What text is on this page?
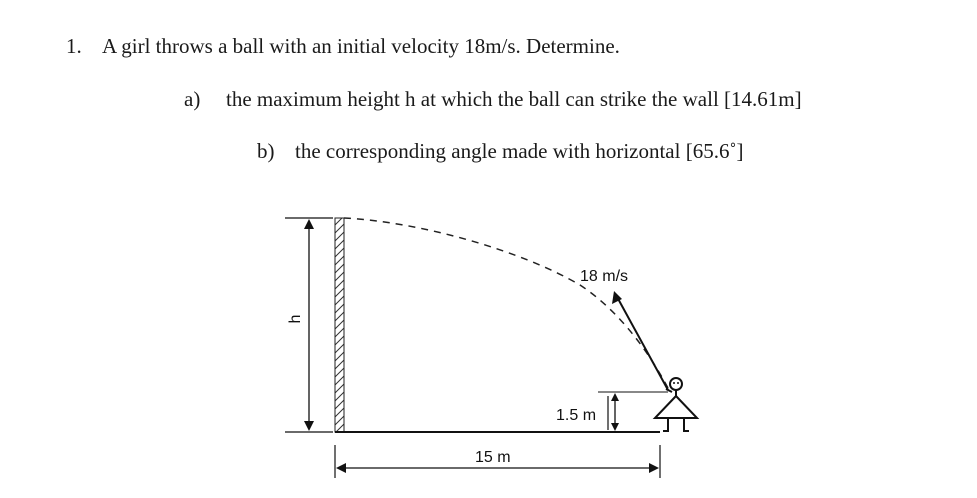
1. A girl throws a ball with an initial velocity 18m/s. Determine.
a) the maximum height h at which the ball can strike the wall [14.61m]
b) the corresponding angle made with horizontal [65.6˚]
h
18 m/s
1.5 m
15 m
